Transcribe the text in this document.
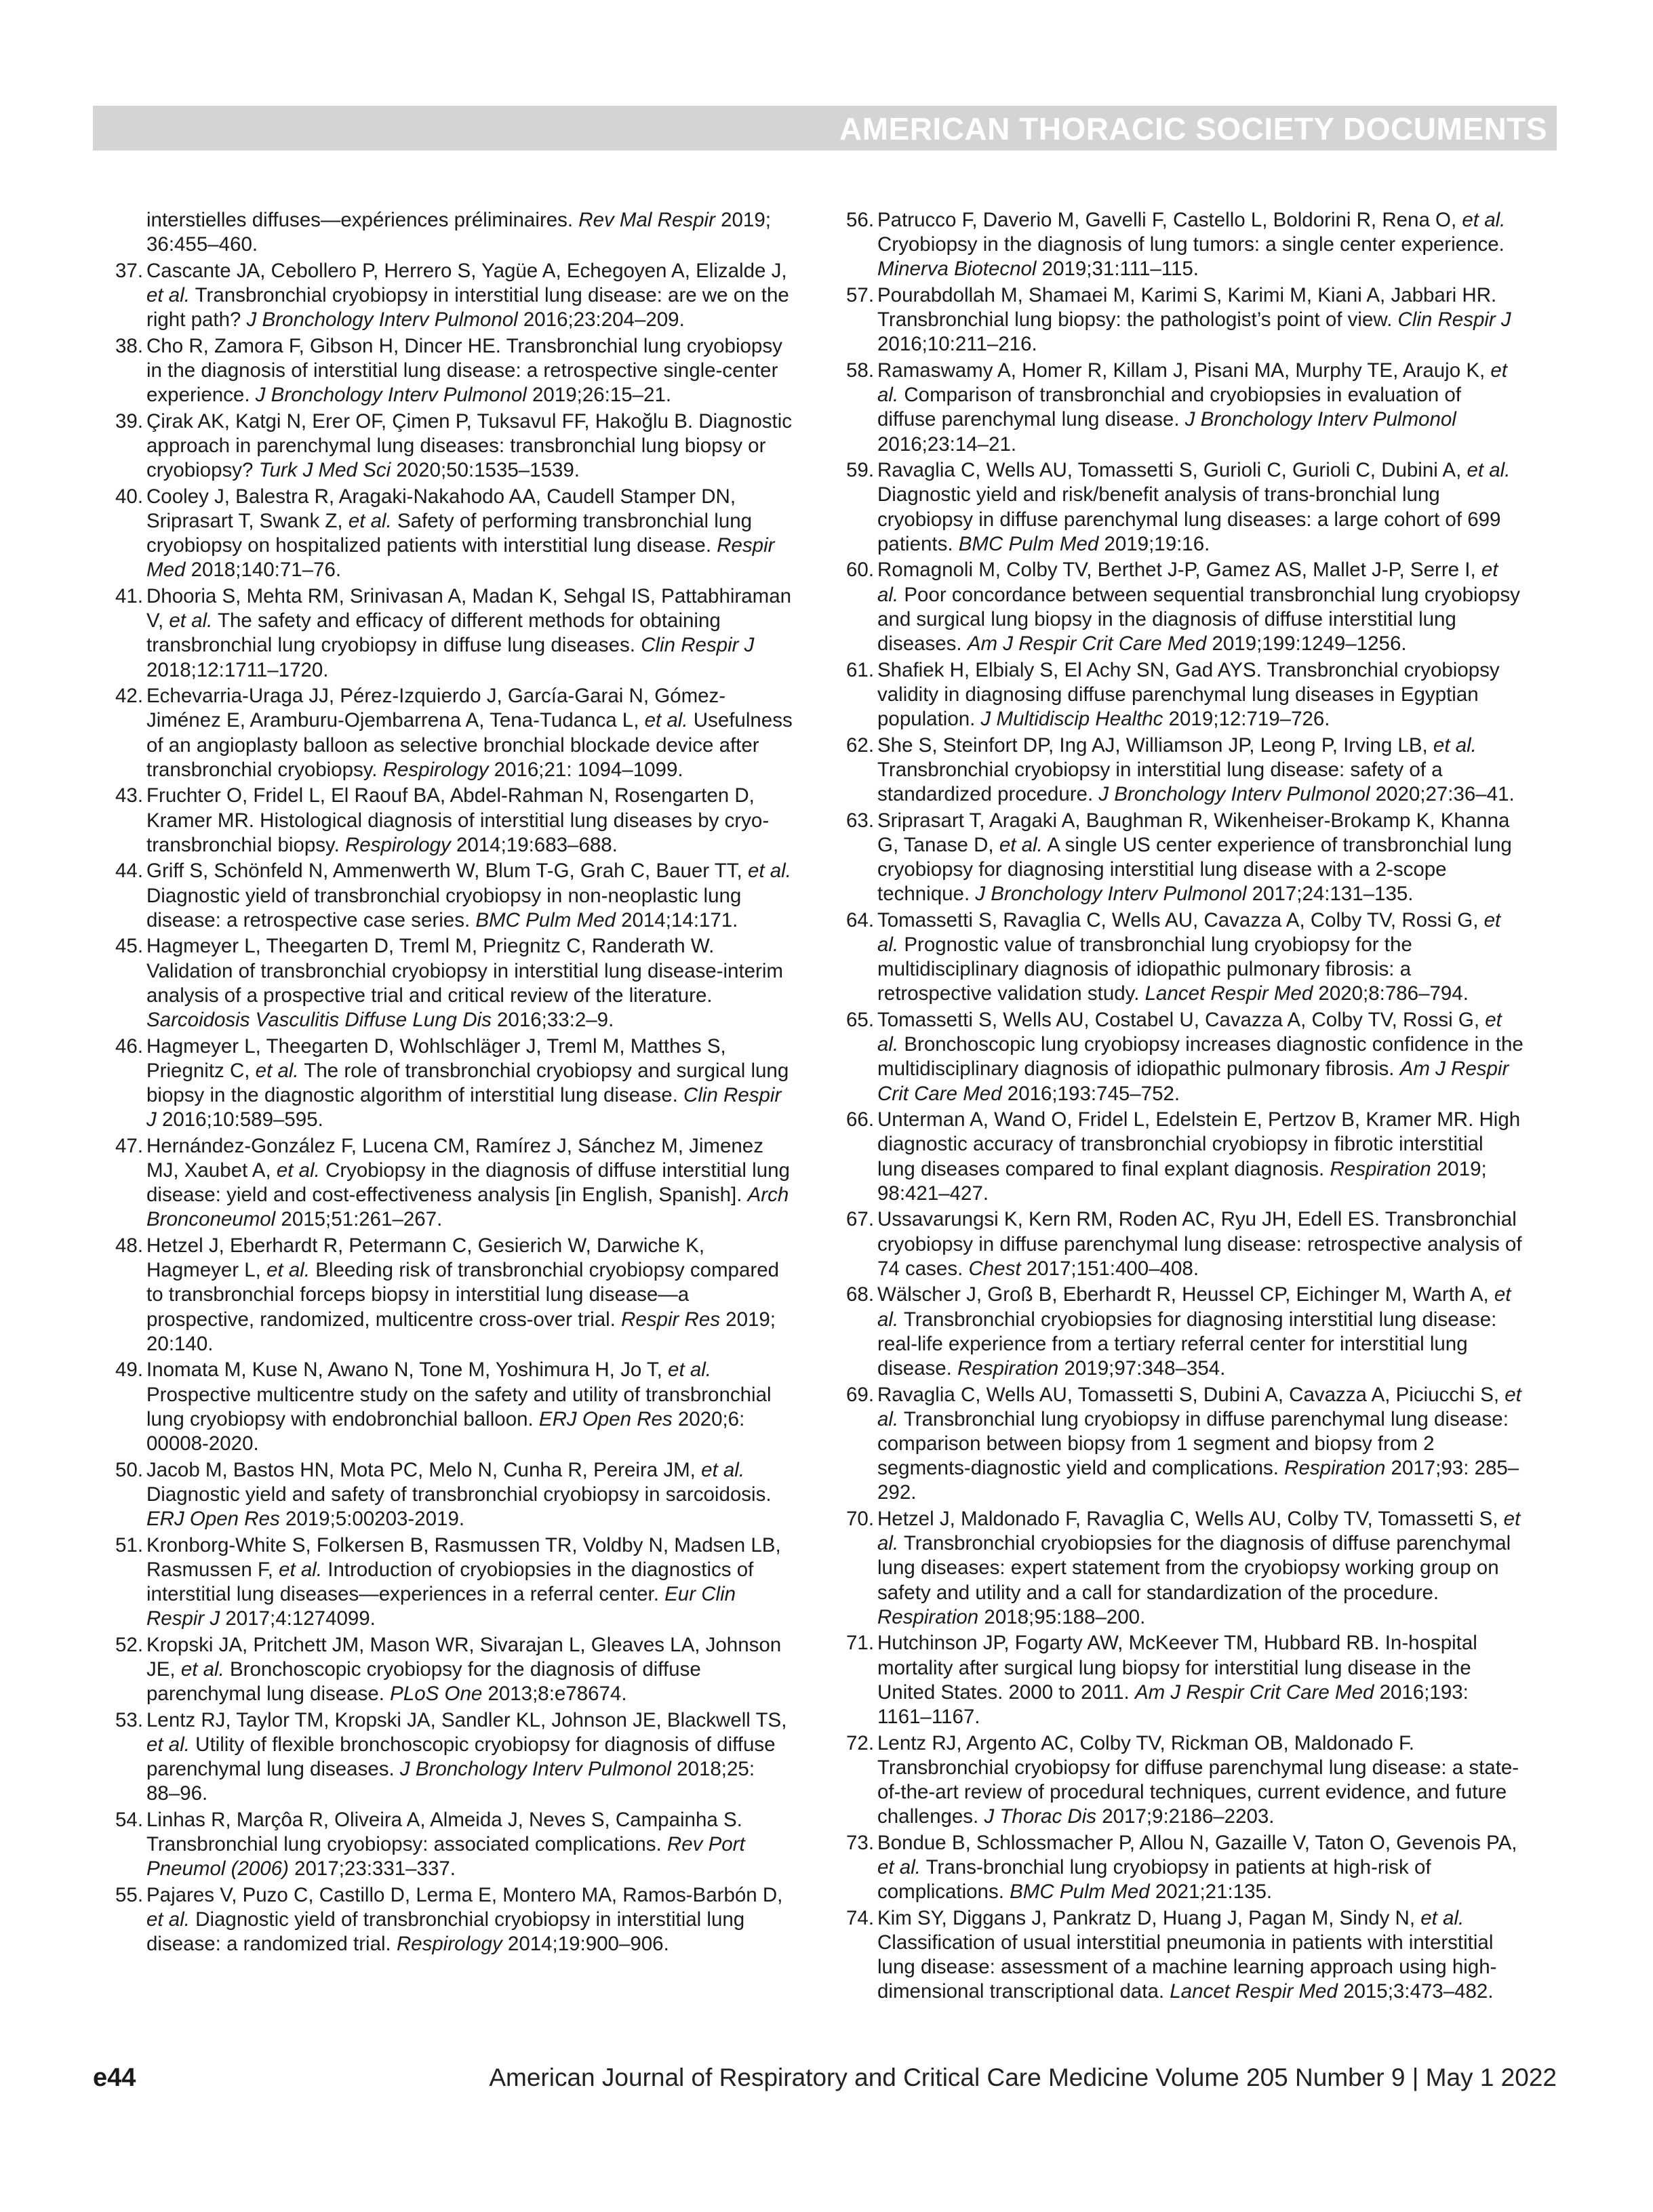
AMERICAN THORACIC SOCIETY DOCUMENTS

interstielles diffuses—expériences préliminaires. Rev Mal Respir 2019; 36:455–460.

37. Cascante JA, Cebollero P, Herrero S, Yagüe A, Echegoyen A, Elizalde J, et al. Transbronchial cryobiopsy in interstitial lung disease: are we on the right path? J Bronchology Interv Pulmonol 2016;23:204–209.

38. Cho R, Zamora F, Gibson H, Dincer HE. Transbronchial lung cryobiopsy in the diagnosis of interstitial lung disease: a retrospective single-center experience. J Bronchology Interv Pulmonol 2019;26:15–21.

39. Çirak AK, Katgi N, Erer OF, Çimen P, Tuksavul FF, Hakoğlu B. Diagnostic approach in parenchymal lung diseases: transbronchial lung biopsy or cryobiopsy? Turk J Med Sci 2020;50:1535–1539.

40. Cooley J, Balestra R, Aragaki-Nakahodo AA, Caudell Stamper DN, Sriprasart T, Swank Z, et al. Safety of performing transbronchial lung cryobiopsy on hospitalized patients with interstitial lung disease. Respir Med 2018;140:71–76.

41. Dhooria S, Mehta RM, Srinivasan A, Madan K, Sehgal IS, Pattabhiraman V, et al. The safety and efficacy of different methods for obtaining transbronchial lung cryobiopsy in diffuse lung diseases. Clin Respir J 2018;12:1711–1720.

42. Echevarria-Uraga JJ, Pérez-Izquierdo J, García-Garai N, Gómez-Jiménez E, Aramburu-Ojembarrena A, Tena-Tudanca L, et al. Usefulness of an angioplasty balloon as selective bronchial blockade device after transbronchial cryobiopsy. Respirology 2016;21: 1094–1099.

43. Fruchter O, Fridel L, El Raouf BA, Abdel-Rahman N, Rosengarten D, Kramer MR. Histological diagnosis of interstitial lung diseases by cryo-transbronchial biopsy. Respirology 2014;19:683–688.

44. Griff S, Schönfeld N, Ammenwerth W, Blum T-G, Grah C, Bauer TT, et al. Diagnostic yield of transbronchial cryobiopsy in non-neoplastic lung disease: a retrospective case series. BMC Pulm Med 2014;14:171.

45. Hagmeyer L, Theegarten D, Treml M, Priegnitz C, Randerath W. Validation of transbronchial cryobiopsy in interstitial lung disease-interim analysis of a prospective trial and critical review of the literature. Sarcoidosis Vasculitis Diffuse Lung Dis 2016;33:2–9.

46. Hagmeyer L, Theegarten D, Wohlschläger J, Treml M, Matthes S, Priegnitz C, et al. The role of transbronchial cryobiopsy and surgical lung biopsy in the diagnostic algorithm of interstitial lung disease. Clin Respir J 2016;10:589–595.

47. Hernández-González F, Lucena CM, Ramírez J, Sánchez M, Jimenez MJ, Xaubet A, et al. Cryobiopsy in the diagnosis of diffuse interstitial lung disease: yield and cost-effectiveness analysis [in English, Spanish]. Arch Bronconeumol 2015;51:261–267.

48. Hetzel J, Eberhardt R, Petermann C, Gesierich W, Darwiche K, Hagmeyer L, et al. Bleeding risk of transbronchial cryobiopsy compared to transbronchial forceps biopsy in interstitial lung disease—a prospective, randomized, multicentre cross-over trial. Respir Res 2019; 20:140.

49. Inomata M, Kuse N, Awano N, Tone M, Yoshimura H, Jo T, et al. Prospective multicentre study on the safety and utility of transbronchial lung cryobiopsy with endobronchial balloon. ERJ Open Res 2020;6: 00008-2020.

50. Jacob M, Bastos HN, Mota PC, Melo N, Cunha R, Pereira JM, et al. Diagnostic yield and safety of transbronchial cryobiopsy in sarcoidosis. ERJ Open Res 2019;5:00203-2019.

51. Kronborg-White S, Folkersen B, Rasmussen TR, Voldby N, Madsen LB, Rasmussen F, et al. Introduction of cryobiopsies in the diagnostics of interstitial lung diseases—experiences in a referral center. Eur Clin Respir J 2017;4:1274099.

52. Kropski JA, Pritchett JM, Mason WR, Sivarajan L, Gleaves LA, Johnson JE, et al. Bronchoscopic cryobiopsy for the diagnosis of diffuse parenchymal lung disease. PLoS One 2013;8:e78674.

53. Lentz RJ, Taylor TM, Kropski JA, Sandler KL, Johnson JE, Blackwell TS, et al. Utility of flexible bronchoscopic cryobiopsy for diagnosis of diffuse parenchymal lung diseases. J Bronchology Interv Pulmonol 2018;25: 88–96.

54. Linhas R, Marçôa R, Oliveira A, Almeida J, Neves S, Campainha S. Transbronchial lung cryobiopsy: associated complications. Rev Port Pneumol (2006) 2017;23:331–337.

55. Pajares V, Puzo C, Castillo D, Lerma E, Montero MA, Ramos-Barbón D, et al. Diagnostic yield of transbronchial cryobiopsy in interstitial lung disease: a randomized trial. Respirology 2014;19:900–906.

56. Patrucco F, Daverio M, Gavelli F, Castello L, Boldorini R, Rena O, et al. Cryobiopsy in the diagnosis of lung tumors: a single center experience. Minerva Biotecnol 2019;31:111–115.

57. Pourabdollah M, Shamaei M, Karimi S, Karimi M, Kiani A, Jabbari HR. Transbronchial lung biopsy: the pathologist’s point of view. Clin Respir J 2016;10:211–216.

58. Ramaswamy A, Homer R, Killam J, Pisani MA, Murphy TE, Araujo K, et al. Comparison of transbronchial and cryobiopsies in evaluation of diffuse parenchymal lung disease. J Bronchology Interv Pulmonol 2016;23:14–21.

59. Ravaglia C, Wells AU, Tomassetti S, Gurioli C, Gurioli C, Dubini A, et al. Diagnostic yield and risk/benefit analysis of trans-bronchial lung cryobiopsy in diffuse parenchymal lung diseases: a large cohort of 699 patients. BMC Pulm Med 2019;19:16.

60. Romagnoli M, Colby TV, Berthet J-P, Gamez AS, Mallet J-P, Serre I, et al. Poor concordance between sequential transbronchial lung cryobiopsy and surgical lung biopsy in the diagnosis of diffuse interstitial lung diseases. Am J Respir Crit Care Med 2019;199:1249–1256.

61. Shafiek H, Elbialy S, El Achy SN, Gad AYS. Transbronchial cryobiopsy validity in diagnosing diffuse parenchymal lung diseases in Egyptian population. J Multidiscip Healthc 2019;12:719–726.

62. She S, Steinfort DP, Ing AJ, Williamson JP, Leong P, Irving LB, et al. Transbronchial cryobiopsy in interstitial lung disease: safety of a standardized procedure. J Bronchology Interv Pulmonol 2020;27:36–41.

63. Sriprasart T, Aragaki A, Baughman R, Wikenheiser-Brokamp K, Khanna G, Tanase D, et al. A single US center experience of transbronchial lung cryobiopsy for diagnosing interstitial lung disease with a 2-scope technique. J Bronchology Interv Pulmonol 2017;24:131–135.

64. Tomassetti S, Ravaglia C, Wells AU, Cavazza A, Colby TV, Rossi G, et al. Prognostic value of transbronchial lung cryobiopsy for the multidisciplinary diagnosis of idiopathic pulmonary fibrosis: a retrospective validation study. Lancet Respir Med 2020;8:786–794.

65. Tomassetti S, Wells AU, Costabel U, Cavazza A, Colby TV, Rossi G, et al. Bronchoscopic lung cryobiopsy increases diagnostic confidence in the multidisciplinary diagnosis of idiopathic pulmonary fibrosis. Am J Respir Crit Care Med 2016;193:745–752.

66. Unterman A, Wand O, Fridel L, Edelstein E, Pertzov B, Kramer MR. High diagnostic accuracy of transbronchial cryobiopsy in fibrotic interstitial lung diseases compared to final explant diagnosis. Respiration 2019; 98:421–427.

67. Ussavarungsi K, Kern RM, Roden AC, Ryu JH, Edell ES. Transbronchial cryobiopsy in diffuse parenchymal lung disease: retrospective analysis of 74 cases. Chest 2017;151:400–408.

68. Wälscher J, Groß B, Eberhardt R, Heussel CP, Eichinger M, Warth A, et al. Transbronchial cryobiopsies for diagnosing interstitial lung disease: real-life experience from a tertiary referral center for interstitial lung disease. Respiration 2019;97:348–354.

69. Ravaglia C, Wells AU, Tomassetti S, Dubini A, Cavazza A, Piciucchi S, et al. Transbronchial lung cryobiopsy in diffuse parenchymal lung disease: comparison between biopsy from 1 segment and biopsy from 2 segments-diagnostic yield and complications. Respiration 2017;93: 285–292.

70. Hetzel J, Maldonado F, Ravaglia C, Wells AU, Colby TV, Tomassetti S, et al. Transbronchial cryobiopsies for the diagnosis of diffuse parenchymal lung diseases: expert statement from the cryobiopsy working group on safety and utility and a call for standardization of the procedure. Respiration 2018;95:188–200.

71. Hutchinson JP, Fogarty AW, McKeever TM, Hubbard RB. In-hospital mortality after surgical lung biopsy for interstitial lung disease in the United States. 2000 to 2011. Am J Respir Crit Care Med 2016;193: 1161–1167.

72. Lentz RJ, Argento AC, Colby TV, Rickman OB, Maldonado F. Transbronchial cryobiopsy for diffuse parenchymal lung disease: a state-of-the-art review of procedural techniques, current evidence, and future challenges. J Thorac Dis 2017;9:2186–2203.

73. Bondue B, Schlossmacher P, Allou N, Gazaille V, Taton O, Gevenois PA, et al. Trans-bronchial lung cryobiopsy in patients at high-risk of complications. BMC Pulm Med 2021;21:135.

74. Kim SY, Diggans J, Pankratz D, Huang J, Pagan M, Sindy N, et al. Classification of usual interstitial pneumonia in patients with interstitial lung disease: assessment of a machine learning approach using high-dimensional transcriptional data. Lancet Respir Med 2015;3:473–482.

e44	American Journal of Respiratory and Critical Care Medicine Volume 205 Number 9 | May 1 2022
